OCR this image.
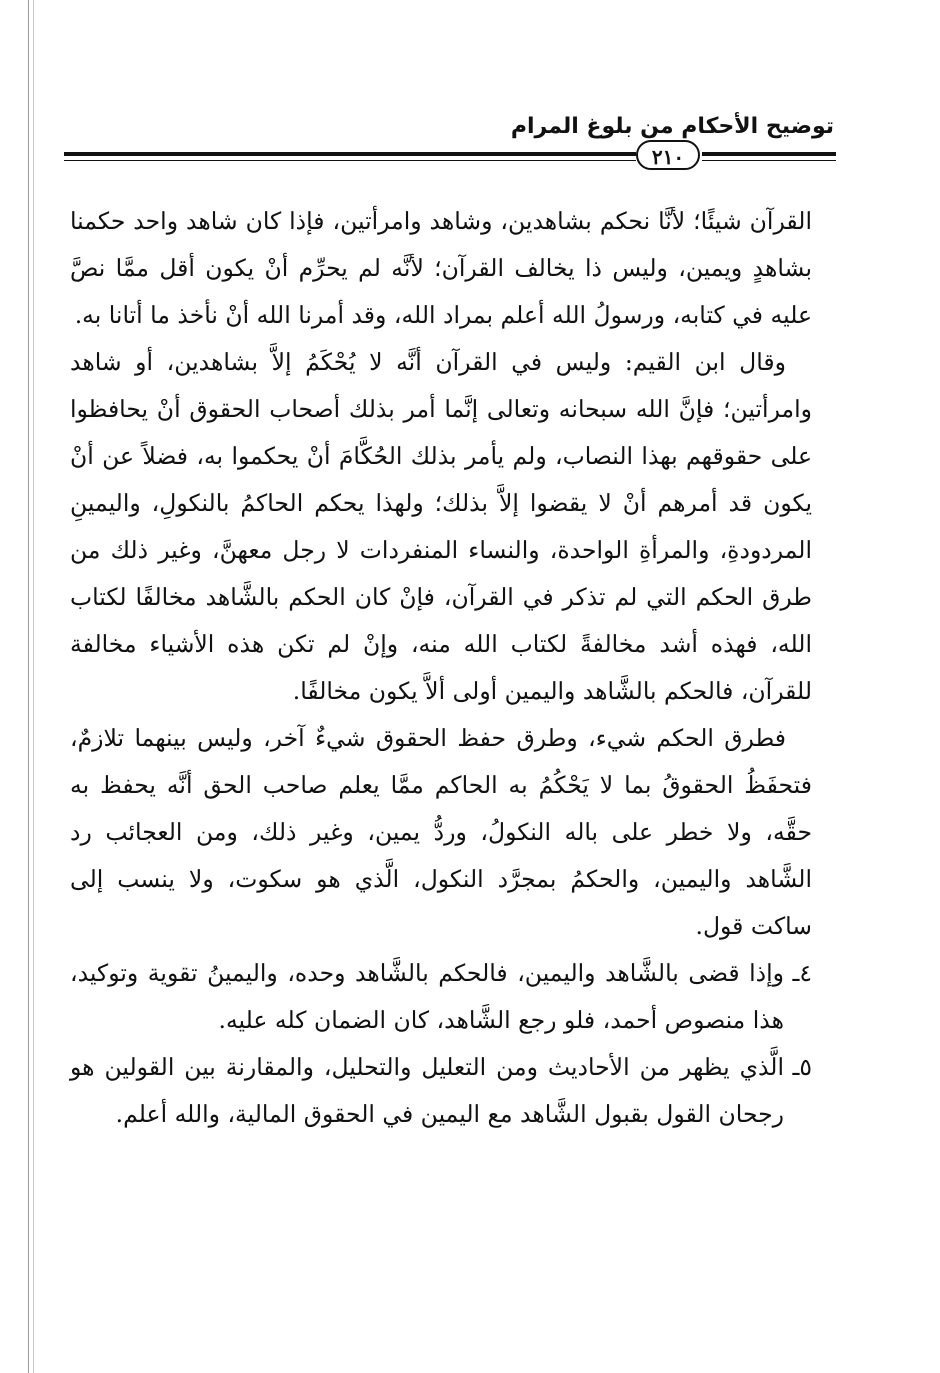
توضيح الأحكام من بلوغ المرام
٢١٠

القرآن شيئًا؛ لأنَّا نحكم بشاهدين، وشاهد وامرأتين، فإذا كان شاهد واحد حكمنا بشاهدٍ ويمين، وليس ذا يخالف القرآن؛ لأنَّه لم يحرِّم أنْ يكون أقل ممَّا نصَّ عليه في كتابه، ورسولُ الله أعلم بمراد الله، وقد أمرنا الله أنْ نأخذ ما أتانا به.

وقال ابن القيم: وليس في القرآن أنَّه لا يُحْكَمُ إلاَّ بشاهدين، أو شاهد وامرأتين؛ فإنَّ الله سبحانه وتعالى إنَّما أمر بذلك أصحاب الحقوق أنْ يحافظوا على حقوقهم بهذا النصاب، ولم يأمر بذلك الحُكَّامَ أنْ يحكموا به، فضلاً عن أنْ يكون قد أمرهم أنْ لا يقضوا إلاَّ بذلك؛ ولهذا يحكم الحاكمُ بالنكولِ، واليمينِ المردودةِ، والمرأةِ الواحدة، والنساء المنفردات لا رجل معهنَّ، وغير ذلك من طرق الحكم التي لم تذكر في القرآن، فإنْ كان الحكم بالشَّاهد مخالفًا لكتاب الله، فهذه أشد مخالفةً لكتاب الله منه، وإنْ لم تكن هذه الأشياء مخالفة للقرآن، فالحكم بالشَّاهد واليمين أولى ألاَّ يكون مخالفًا.

فطرق الحكم شيء، وطرق حفظ الحقوق شيءٌ آخر، وليس بينهما تلازمٌ، فتحفَظُ الحقوقُ بما لا يَحْكُمُ به الحاكم ممَّا يعلم صاحب الحق أنَّه يحفظ به حقَّه، ولا خطر على باله النكولُ، وردُّ يمين، وغير ذلك، ومن العجائب رد الشَّاهد واليمين، والحكمُ بمجرَّد النكول، الَّذي هو سكوت، ولا ينسب إلى ساكت قول.

٤ـ
وإذا قضى بالشَّاهد واليمين، فالحكم بالشَّاهد وحده، واليمينُ تقوية وتوكيد، هذا منصوص أحمد، فلو رجع الشَّاهد، كان الضمان كله عليه.

٥ـ
الَّذي يظهر من الأحاديث ومن التعليل والتحليل، والمقارنة بين القولين هو رجحان القول بقبول الشَّاهد مع اليمين في الحقوق المالية، والله أعلم.
